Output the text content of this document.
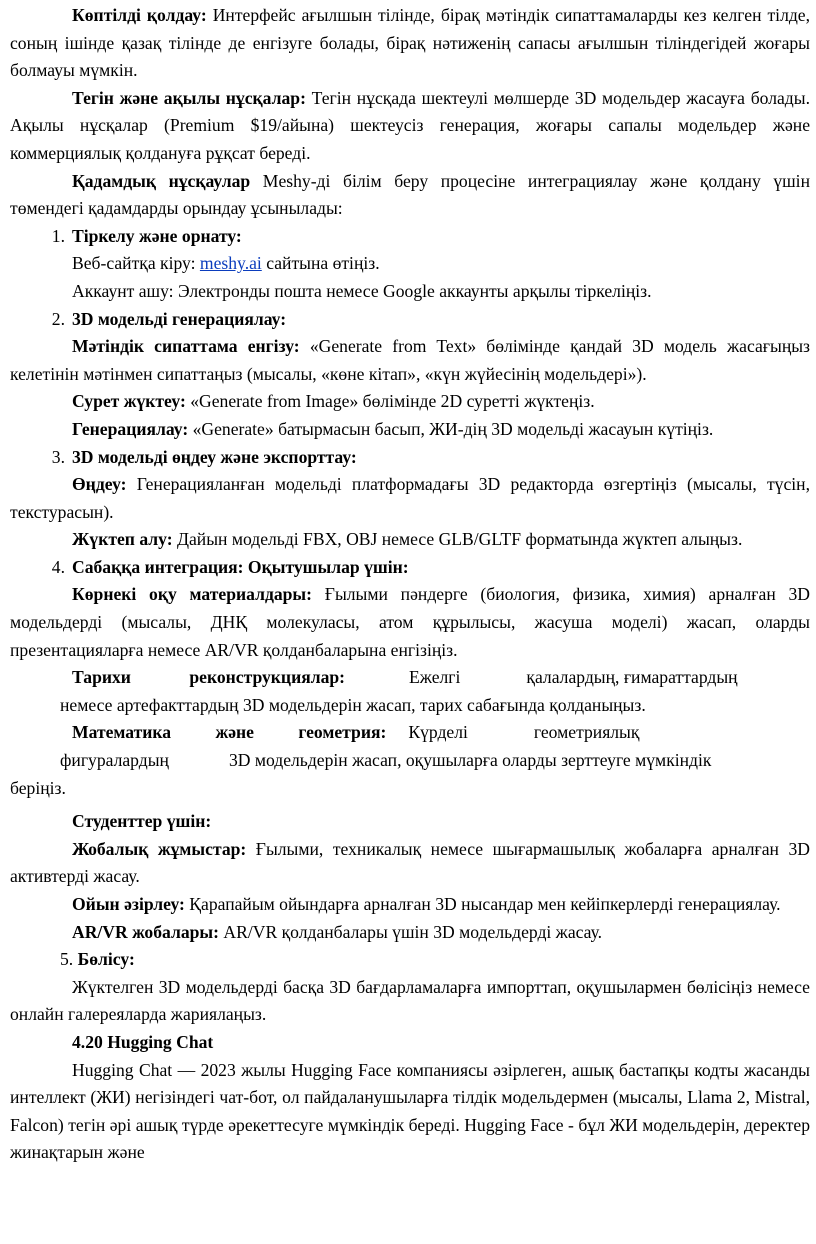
Көптілді қолдау: Интерфейс ағылшын тілінде, бірақ мәтіндік сипаттамаларды кез келген тілде, соның ішінде қазақ тілінде де енгізуге болады, бірақ нәтиженің сапасы ағылшын тіліндегідей жоғары болмауы мүмкін.

Тегін және ақылы нұсқалар: Тегін нұсқада шектеулі мөлшерде 3D модельдер жасауға болады. Ақылы нұсқалар (Premium $19/айына) шектеусіз генерация, жоғары сапалы модельдер және коммерциялық қолдануға рұқсат береді.

Қадамдық нұсқаулар Meshy-ді білім беру процесіне интеграциялау және қолдану үшін төмендегі қадамдарды орындау ұсынылады:

1. Тіркелу және орнату:

Веб-сайтқа кіру: meshy.ai сайтына өтіңіз.

Аккаунт ашу: Электронды пошта немесе Google аккаунты арқылы тіркеліңіз.

2. 3D модельді генерациялау:

Мәтіндік сипаттама енгізу: «Generate from Text» бөлімінде қандай 3D модель жасағыңыз келетінін мәтінмен сипаттаңыз (мысалы, «көне кітап», «күн жүйесінің модельдері»).

Сурет жүктеу: «Generate from Image» бөлімінде 2D суретті жүктеңіз.

Генерациялау: «Generate» батырмасын басып, ЖИ-дің 3D модельді жасауын күтіңіз.

3. 3D модельді өңдеу және экспорттау:

Өңдеу: Генерацияланған модельді платформадағы 3D редакторда өзгертіңіз (мысалы, түсін, текстурасын).

Жүктеп алу: Дайын модельді FBX, OBJ немесе GLB/GLTF форматында жүктеп алыңыз.

4. Сабаққа интеграция: Оқытушылар үшін:

Көрнекі оқу материалдары: Ғылыми пәндерге (биология, физика, химия) арналған 3D модельдерді (мысалы, ДНҚ молекуласы, атом құрылысы, жасуша моделі) жасап, оларды презентацияларға немесе AR/VR қолданбаларына енгізіңіз.

Тарихи реконструкциялар:	Ежелгі	қалалардың, ғимараттардың

немесе артефакттардың 3D модельдерін жасап, тарих сабағында қолданыңыз.

Математика және геометрия: Күрделі	геометриялық

фигуралардың	3D модельдерін жасап, оқушыларға оларды зерттеуге мүмкіндік

беріңіз.

Студенттер үшін:

Жобалық жұмыстар: Ғылыми, техникалық немесе шығармашылық жобаларға арналған 3D активтерді жасау.

Ойын әзірлеу: Қарапайым ойындарға арналған 3D нысандар мен кейіпкерлерді генерациялау.

AR/VR жобалары: AR/VR қолданбалары үшін 3D модельдерді жасау.

5. Бөлісу:

Жүктелген 3D модельдерді басқа 3D бағдарламаларға импорттап, оқушылармен бөлісіңіз немесе онлайн галереяларда жариялаңыз.

4.20 Hugging Chat

Hugging Chat — 2023 жылы Hugging Face компаниясы әзірлеген, ашық бастапқы кодты жасанды интеллект (ЖИ) негізіндегі чат-бот, ол пайдаланушыларға тілдік модельдермен (мысалы, Llama 2, Mistral, Falcon) тегін әрі ашық түрде әрекеттесуге мүмкіндік береді. Hugging Face - бұл ЖИ модельдерін, деректер жинақтарын және
